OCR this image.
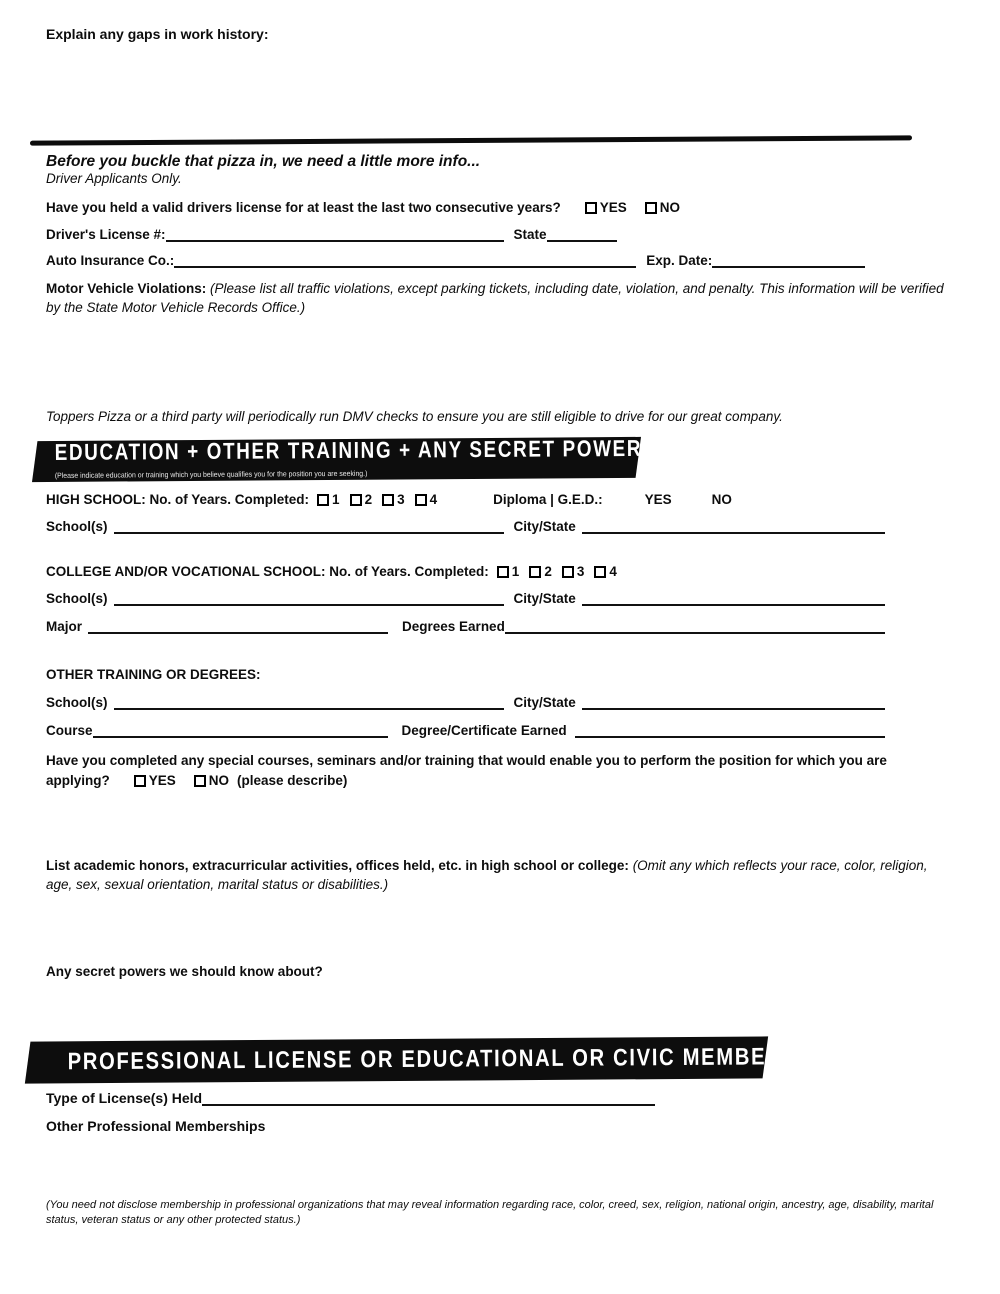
Explain any gaps in work history:
Before you buckle that pizza in, we need a little more info...
Driver Applicants Only.
Have you held a valid drivers license for at least the last two consecutive years?	YES NO
Driver's License #:	State
Auto Insurance Co.:	Exp. Date:
Motor Vehicle Violations: (Please list all traffic violations, except parking tickets, including date, violation, and penalty. This information will be verified by the State Motor Vehicle Records Office.)
Toppers Pizza or a third party will periodically run DMV checks to ensure you are still eligible to drive for our great company.
EDUCATION + OTHER TRAINING + ANY SECRET POWERS
(Please indicate education or training which you believe qualifies you for the position you are seeking.)
HIGH SCHOOL: No. of Years. Completed: 1 2 3 4	Diploma | G.E.D.:	YES	NO
School(s)	City/State
COLLEGE AND/OR VOCATIONAL SCHOOL: No. of Years. Completed: 1 2 3 4
School(s)	City/State
Major	Degrees Earned
OTHER TRAINING OR DEGREES:
School(s)	City/State
Course	Degree/Certificate Earned
Have you completed any special courses, seminars and/or training that would enable you to perform the position for which you are
applying?	YES NO (please describe)
List academic honors, extracurricular activities, offices held, etc. in high school or college: (Omit any which reflects your race, color, religion, age, sex, sexual orientation, marital status or disabilities.)
Any secret powers we should know about?
PROFESSIONAL LICENSE OR EDUCATIONAL OR CIVIC MEMBERSHIP
Type of License(s) Held
Other Professional Memberships
(You need not disclose membership in professional organizations that may reveal information regarding race, color, creed, sex, religion, national origin, ancestry, age, disability, marital status, veteran status or any other protected status.)
